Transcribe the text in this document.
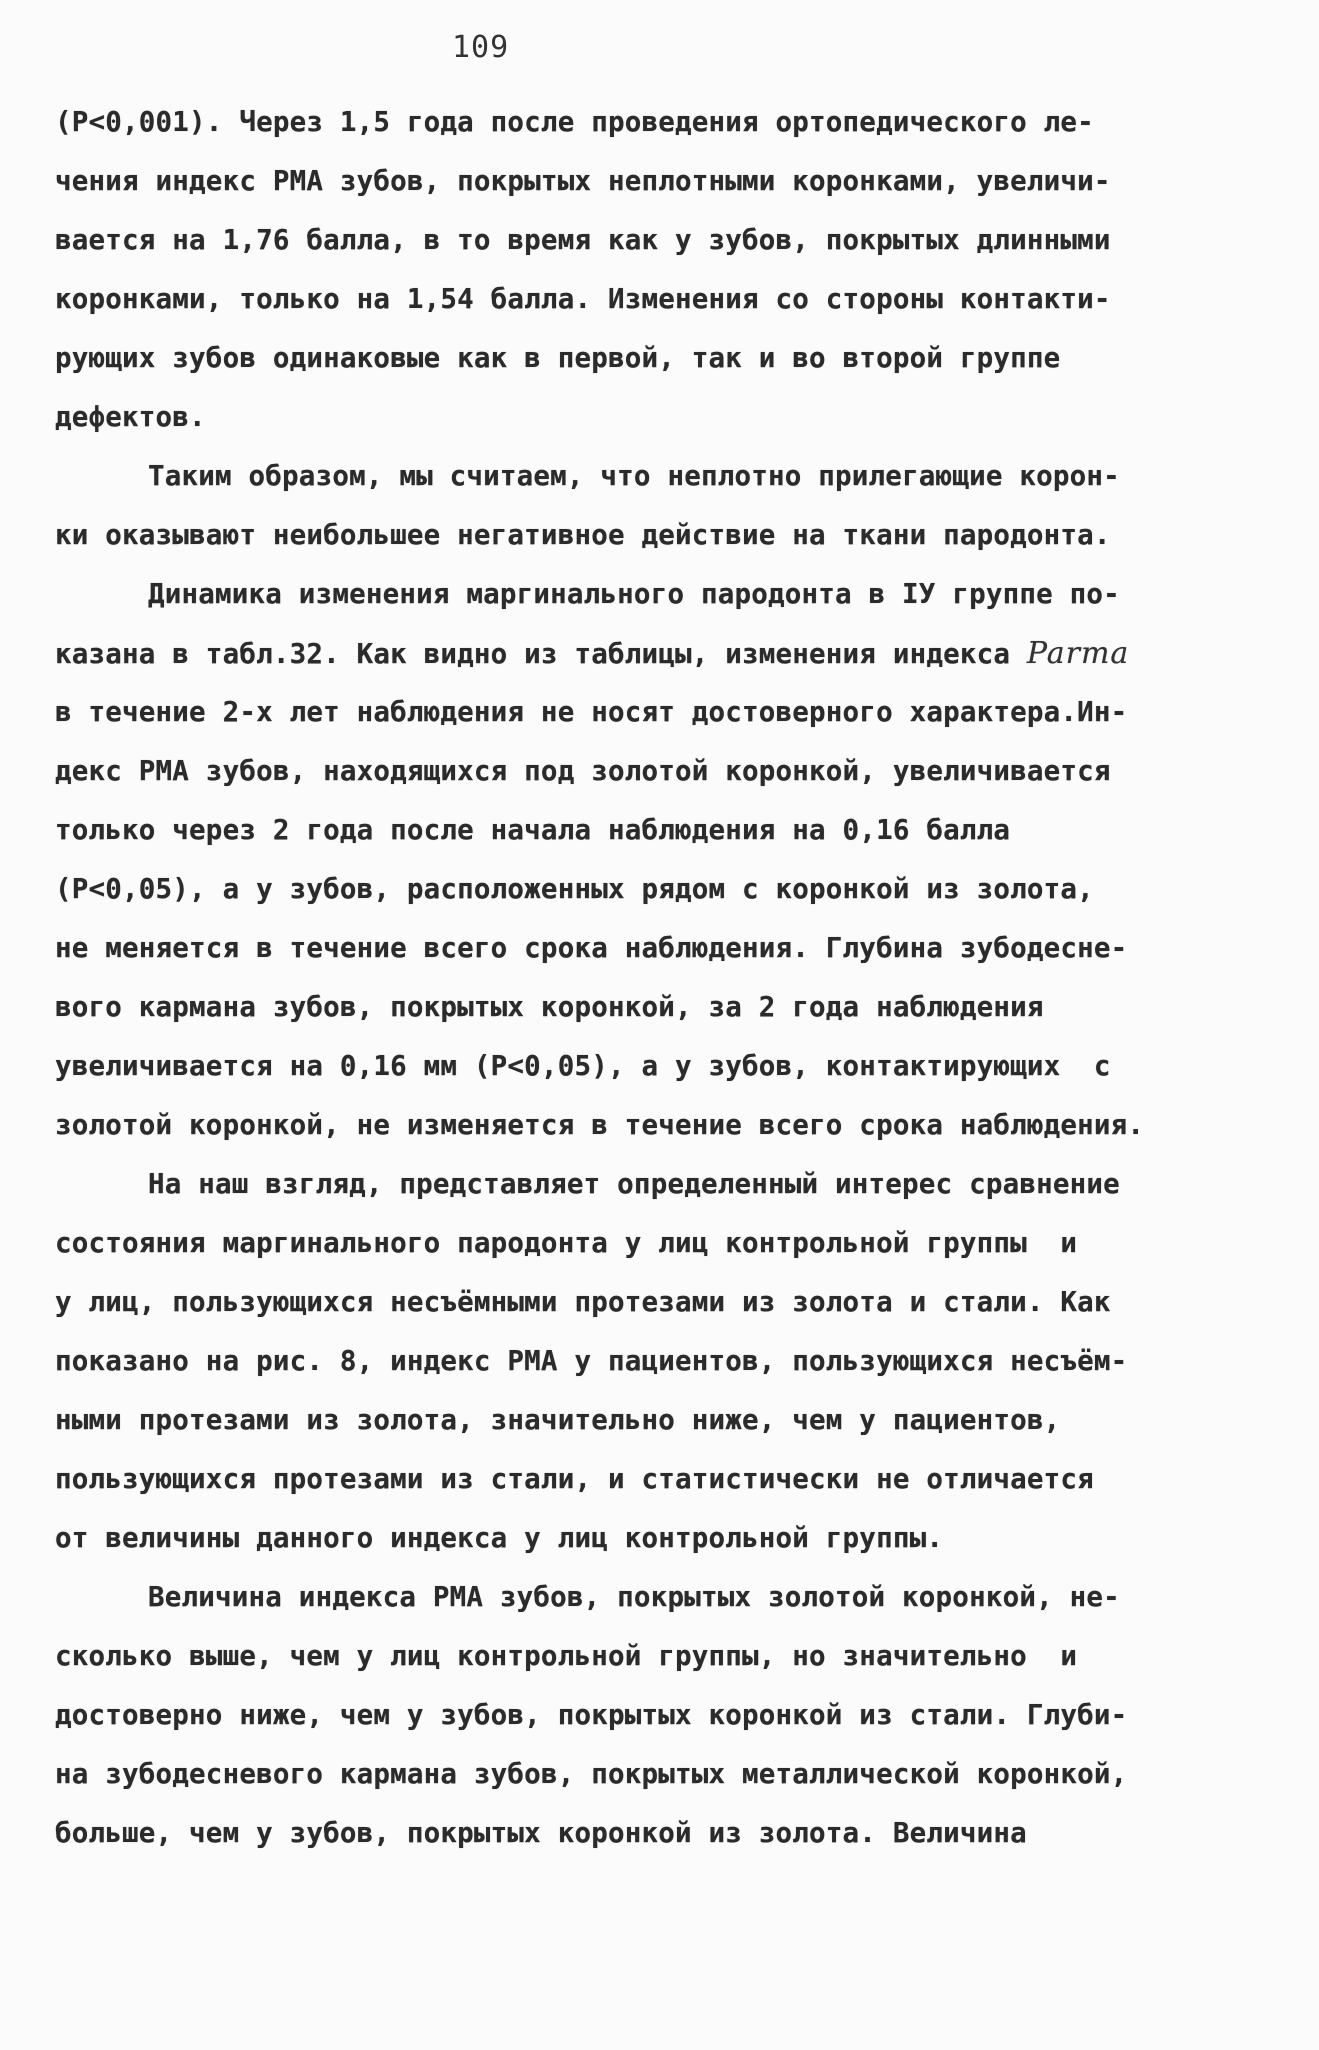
109
(Р<0,001). Через 1,5 года после проведения ортопедического ле-
чения индекс РМА зубов, покрытых неплотными коронками, увеличи-
вается на 1,76 балла, в то время как у зубов, покрытых длинными
коронками, только на 1,54 балла. Изменения со стороны контакти-
рующих зубов одинаковые как в первой, так и во второй группе
дефектов.
Таким образом, мы считаем, что неплотно прилегающие корон-
ки оказывают неибольшее негативное действие на ткани пародонта.
Динамика изменения маргинального пародонта в IУ группе по-
казана в табл.32. Как видно из таблицы, изменения индекса Parma
в течение 2-х лет наблюдения не носят достоверного характера.Ин-
декс РМА зубов, находящихся под золотой коронкой, увеличивается
только через 2 года после начала наблюдения на 0,16 балла
(Р<0,05), а у зубов, расположенных рядом с коронкой из золота,
не меняется в течение всего срока наблюдения. Глубина зубодесне-
вого кармана зубов, покрытых коронкой, за 2 года наблюдения
увеличивается на 0,16 мм (Р<0,05), а у зубов, контактирующих  с
золотой коронкой, не изменяется в течение всего срока наблюдения.
На наш взгляд, представляет определенный интерес сравнение
состояния маргинального пародонта у лиц контрольной группы  и
у лиц, пользующихся несъёмными протезами из золота и стали. Как
показано на рис. 8, индекс РМА у пациентов, пользующихся несъём-
ными протезами из золота, значительно ниже, чем у пациентов,
пользующихся протезами из стали, и статистически не отличается
от величины данного индекса у лиц контрольной группы.
Величина индекса РМА зубов, покрытых золотой коронкой, не-
сколько выше, чем у лиц контрольной группы, но значительно  и
достоверно ниже, чем у зубов, покрытых коронкой из стали. Глуби-
на зубодесневого кармана зубов, покрытых металлической коронкой,
больше, чем у зубов, покрытых коронкой из золота. Величина
